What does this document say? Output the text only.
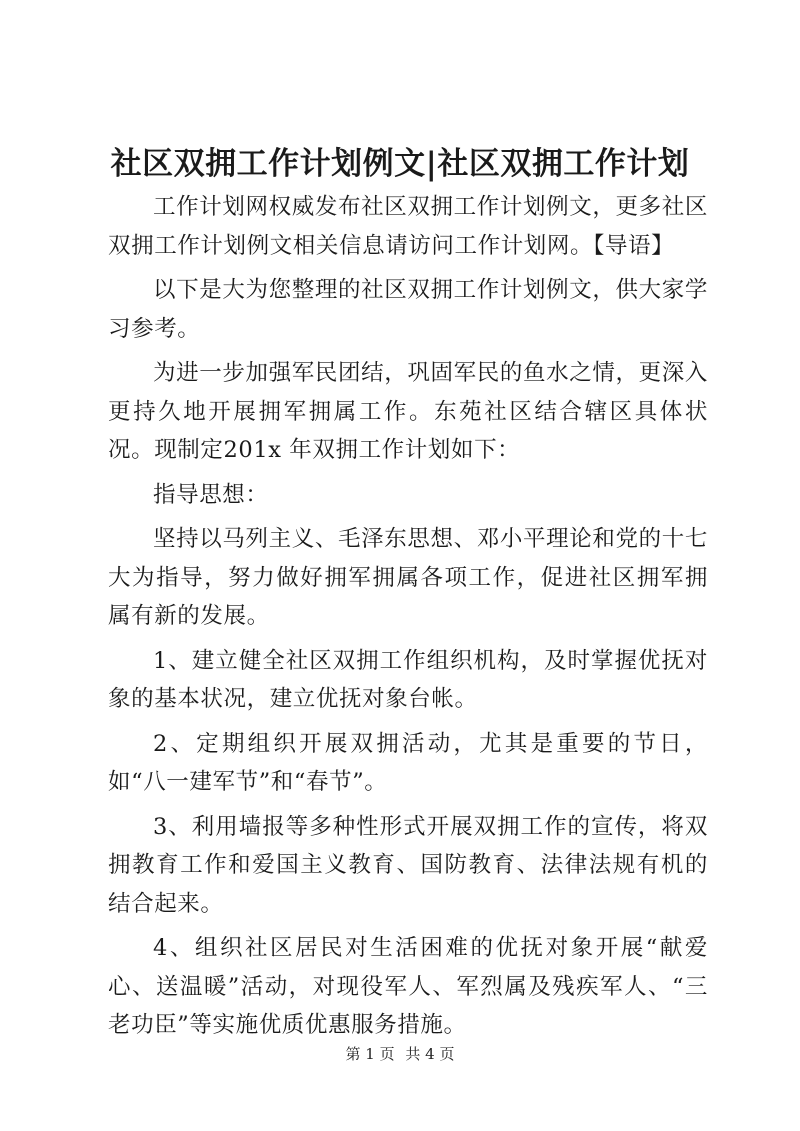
社区双拥工作计划例文|社区双拥工作计划

工作计划网权威发布社区双拥工作计划例文，更多社区双拥工作计划例文相关信息请访问工作计划网。【导语】

以下是大为您整理的社区双拥工作计划例文，供大家学习参考。

为进一步加强军民团结，巩固军民的鱼水之情，更深入更持久地开展拥军拥属工作。东苑社区结合辖区具体状况。现制定201x 年双拥工作计划如下：

指导思想：

坚持以马列主义、毛泽东思想、邓小平理论和党的十七大为指导，努力做好拥军拥属各项工作，促进社区拥军拥属有新的发展。

1、建立健全社区双拥工作组织机构，及时掌握优抚对象的基本状况，建立优抚对象台帐。

2、定期组织开展双拥活动，尤其是重要的节日，如“八一建军节”和“春节”。

3、利用墙报等多种性形式开展双拥工作的宣传，将双拥教育工作和爱国主义教育、国防教育、法律法规有机的结合起来。

4、组织社区居民对生活困难的优抚对象开展“献爱心、送温暖”活动，对现役军人、军烈属及残疾军人、“三老功臣”等实施优质优惠服务措施。

第 1 页 共 4 页
